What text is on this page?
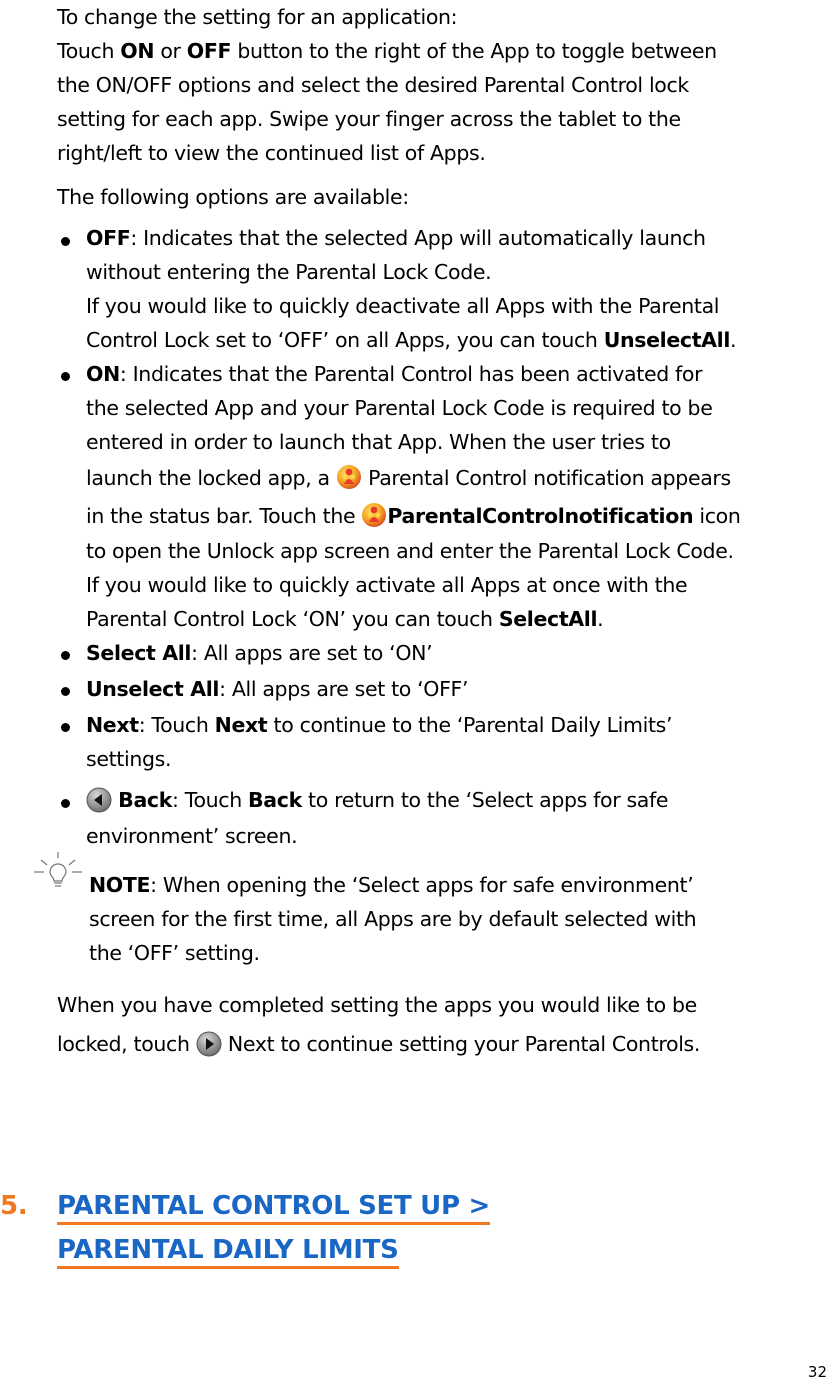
To change the setting for an application:
Touch ON or OFF button to the right of the App to toggle between
the ON/OFF options and select the desired Parental Control lock
setting for each app. Swipe your finger across the tablet to the
right/left to view the continued list of Apps.
The following options are available:
OFF: Indicates that the selected App will automatically launch
without entering the Parental Lock Code.
If you would like to quickly deactivate all Apps with the Parental
Control Lock set to ‘OFF’ on all Apps, you can touch UnselectAll.
ON: Indicates that the Parental Control has been activated for
the selected App and your Parental Lock Code is required to be
entered in order to launch that App. When the user tries to
launch the locked app, a  Parental Control notification appears
in the status bar. Touch the ParentalControlnotification icon
to open the Unlock app screen and enter the Parental Lock Code.
If you would like to quickly activate all Apps at once with the
Parental Control Lock ‘ON’ you can touch SelectAll.
Select All: All apps are set to ‘ON’
Unselect All: All apps are set to ‘OFF’
Next: Touch Next to continue to the ‘Parental Daily Limits’
settings.
Back: Touch Back to return to the ‘Select apps for safe
environment’ screen.
NOTE: When opening the ‘Select apps for safe environment’
screen for the first time, all Apps are by default selected with
the ‘OFF’ setting.
When you have completed setting the apps you would like to be
locked, touch  Next to continue setting your Parental Controls.
5. PARENTAL CONTROL SET UP >
PARENTAL DAILY LIMITS
32
